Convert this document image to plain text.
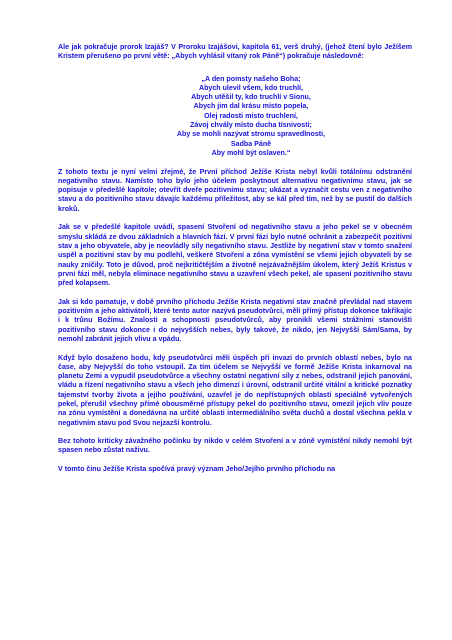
Ale jak pokračuje prorok Izajáš? V Proroku Izajášovi, kapitola 61, verš druhý, (jehož čtení bylo Ježíšem Kristem přerušeno po první větě: „Abych vyhlásil vítaný rok Páně“) pokračuje následovně:

„A den pomsty našeho Boha;
Abych ulevil všem, kdo truchlí,
Abych utěšil ty, kdo truchlí v Sionu,
Abych jim dal krásu místo popela,
Olej radosti místo truchlení,
Závoj chvály místo ducha tísnivosti;
Aby se mohli nazývat stromu spravedlnosti,
Sadba Páně
Aby mohl být oslaven.“

Z tohoto textu je nyní velmi zřejmé, že První příchod Ježíše Krista nebyl kvůli totálnímu odstranění negativního stavu. Namísto toho bylo jeho účelem poskytnout alternativu negativnímu stavu, jak se popisuje v předešlé kapitole; otevřít dveře pozitivnímu stavu; ukázat a vyznačit cestu ven z negativního stavu a do pozitivního stavu dávajíc každému příležitost, aby se kál před tím, než by se pustil do dalších kroků.

Jak se v předešlé kapitole uvádí, spasení Stvoření od negativního stavu a jeho pekel se v obecném smyslu skládá ze dvou základních a hlavních fází. V první fázi bylo nutné ochránit a zabezpečit pozitivní stav a jeho obyvatele, aby je neovládly síly negativního stavu. Jestliže by negativní stav v tomto snažení uspěl a pozitivní stav by mu podlehl, veškeré Stvoření a zóna vymístění se všemi jejich obyvateli by se nauky zničily. Toto je důvod, proč nejkritičtějším a životně nejzávažnějším úkolem, který Ježíš Kristus v první fázi měl, nebyla eliminace negativního stavu a uzavření všech pekel, ale spasení pozitivního stavu před kolapsem.

Jak si kdo pamatuje, v době prvního příchodu Ježíše Krista negativní stav značně převládal nad stavem pozitivním a jeho aktivátoři, které tento autor nazývá pseudotvůrci, měli přímý přístup dokonce takřikajíc i k trůnu Božímu. Znalosti a schopnosti pseudotvůrců, aby pronikli všemi strážními stanovišti pozitivního stavu dokonce i do nejvyšších nebes, byly takové, že nikdo, jen Nejvyšší Sám/Sama, by nemohl zabránit jejich vlivu a vpádu.

Když bylo dosaženo bodu, kdy pseudotvůrci měli úspěch při invazi do prvních oblastí nebes, bylo na čase, aby Nejvyšší do toho vstoupil. Za tím účelem se Nejvyšší ve formě Ježíše Krista inkarnoval na planetu Zemi a vypudil pseudotvůrce a všechny ostatní negativní síly z nebes, odstranil jejich panování, vládu a řízení negativního stavu a všech jeho dimenzí i úrovní, odstranil určité vitální a kritické poznatky tajemství tvorby života a jejího používání, uzavřel je do nepřístupných oblastí speciálně vytvořených pekel, přerušil všechny přímé obousměrné přístupy pekel do pozitivního stavu, omezil jejich vliv pouze na zónu vymístění a donedávna na určité oblasti intermediálního světa duchů a dostal všechna pekla v negativním stavu pod Svou nejzazší kontrolu.

Bez tohoto kriticky závažného počinku by nikdo v celém Stvoření a v zóně vymístění nikdy nemohl být spasen nebo zůstat naživu.

V tomto činu Ježíše Krista spočívá pravý význam Jeho/Jejího prvního příchodu na
